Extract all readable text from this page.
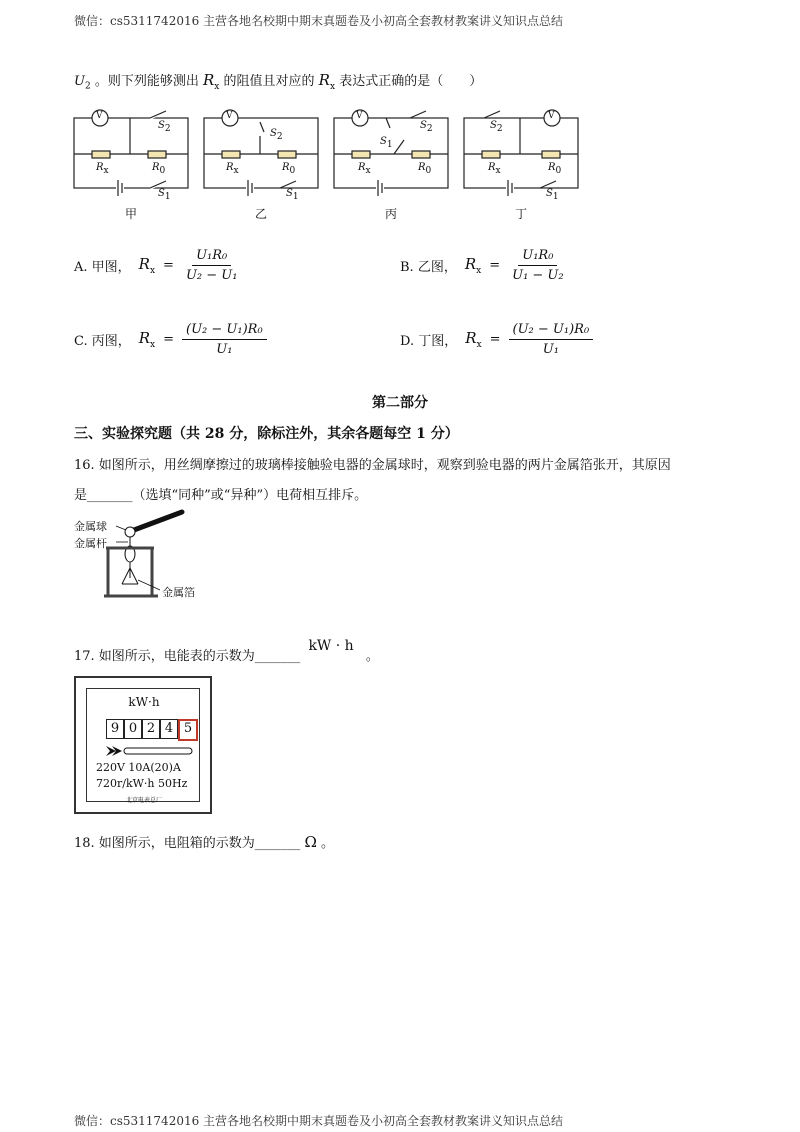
微信：cs5311742016 主营各地名校期中期末真题卷及小初高全套教材教案讲义知识点总结
$U_2$ 。则下列能够测出 $R_x$ 的阻值且对应的 $R_x$ 表达式正确的是（　　）
V
S2
Rx	R0
S1
V
S2
Rx	R0
S1
V
S2
S1
Rx	R0
V
S2
Rx	R0
S1
甲	乙	丙	丁
A. 甲图， $R_x = \frac{\text{U₁R₀}}{\text{U₂ − U₁}}$	B. 乙图， $R_x = \frac{\text{U₁R₀}}{\text{U₁ − U₂}}$
C. 丙图， $R_x = \frac{\text{(U₂ − U₁)R₀}}{\text{U₁}}$	D. 丁图， $R_x = \frac{\text{(U₂ − U₁)R₀}}{\text{U₁}}$
第二部分
三、实验探究题（共 28 分，除标注外，其余各题每空 1 分）
16. 如图所示，用丝绸摩擦过的玻璃棒接触验电器的金属球时，观察到验电器的两片金属箔张开，其原因
是_______（选填“同种”或“异种”）电荷相互排斥。
金属球
金属杆
金属箔
17. 如图所示，电能表的示数为_______ kW · h 。
kW·h
9 0 2 4 5
220V 10A(20)A
720r/kW·h 50Hz
北京电表总厂
18. 如图所示，电阻箱的示数为_______ Ω 。
微信：cs5311742016 主营各地名校期中期末真题卷及小初高全套教材教案讲义知识点总结
